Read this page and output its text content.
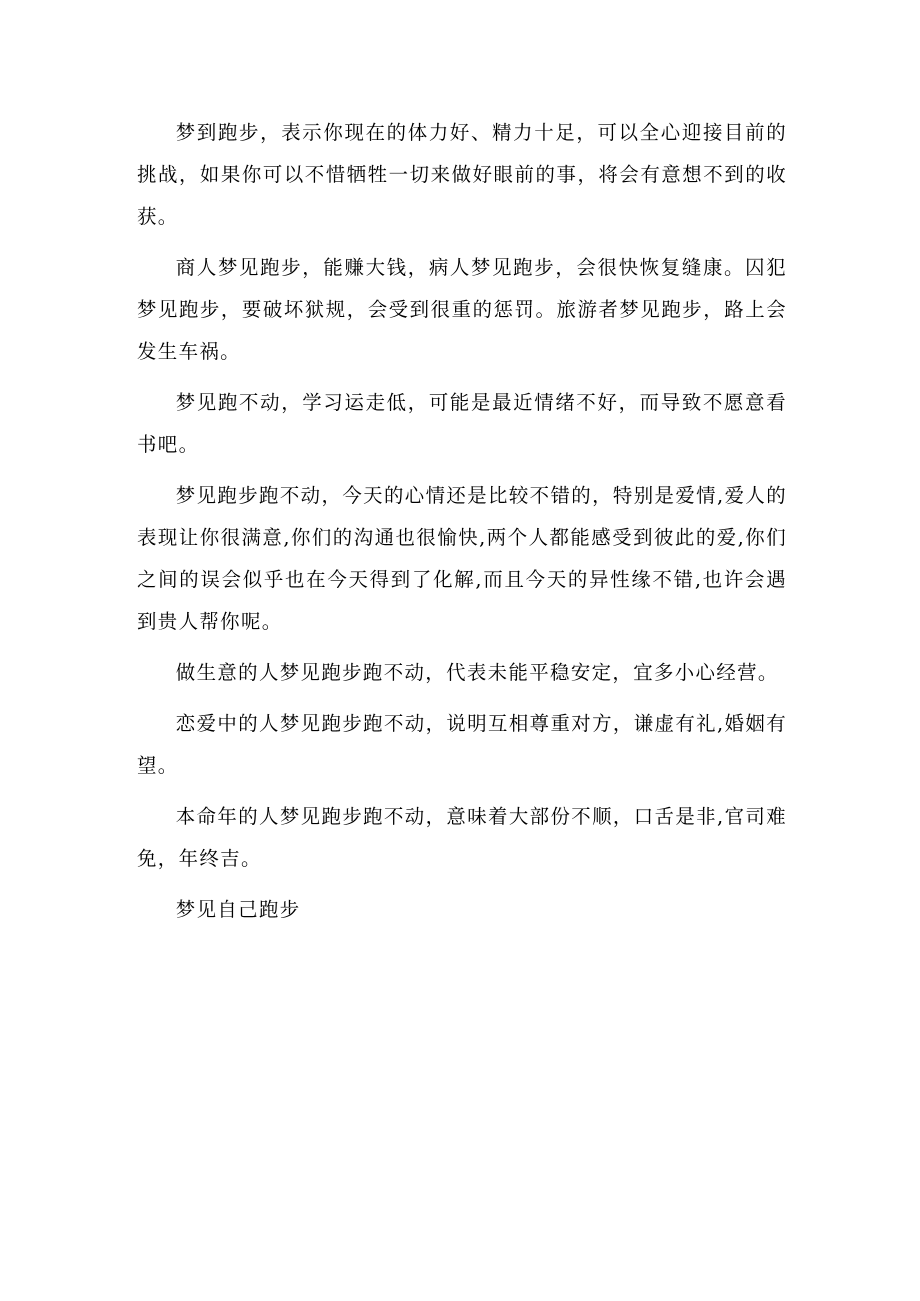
梦到跑步，表示你现在的体力好、精力十足，可以全心迎接目前的挑战，如果你可以不惜牺牲一切来做好眼前的事，将会有意想不到的收获。

商人梦见跑步，能赚大钱，病人梦见跑步，会很快恢复缝康。囚犯梦见跑步，要破坏狱规，会受到很重的惩罚。旅游者梦见跑步，路上会发生车祸。

梦见跑不动，学习运走低，可能是最近情绪不好，而导致不愿意看书吧。

梦见跑步跑不动，今天的心情还是比较不错的，特别是爱情,爱人的表现让你很满意,你们的沟通也很愉快,两个人都能感受到彼此的爱,你们之间的误会似乎也在今天得到了化解,而且今天的异性缘不错,也许会遇到贵人帮你呢。

做生意的人梦见跑步跑不动，代表未能平稳安定，宜多小心经营。

恋爱中的人梦见跑步跑不动，说明互相尊重对方，谦虚有礼,婚姻有望。

本命年的人梦见跑步跑不动，意味着大部份不顺，口舌是非,官司难免，年终吉。

梦见自己跑步
